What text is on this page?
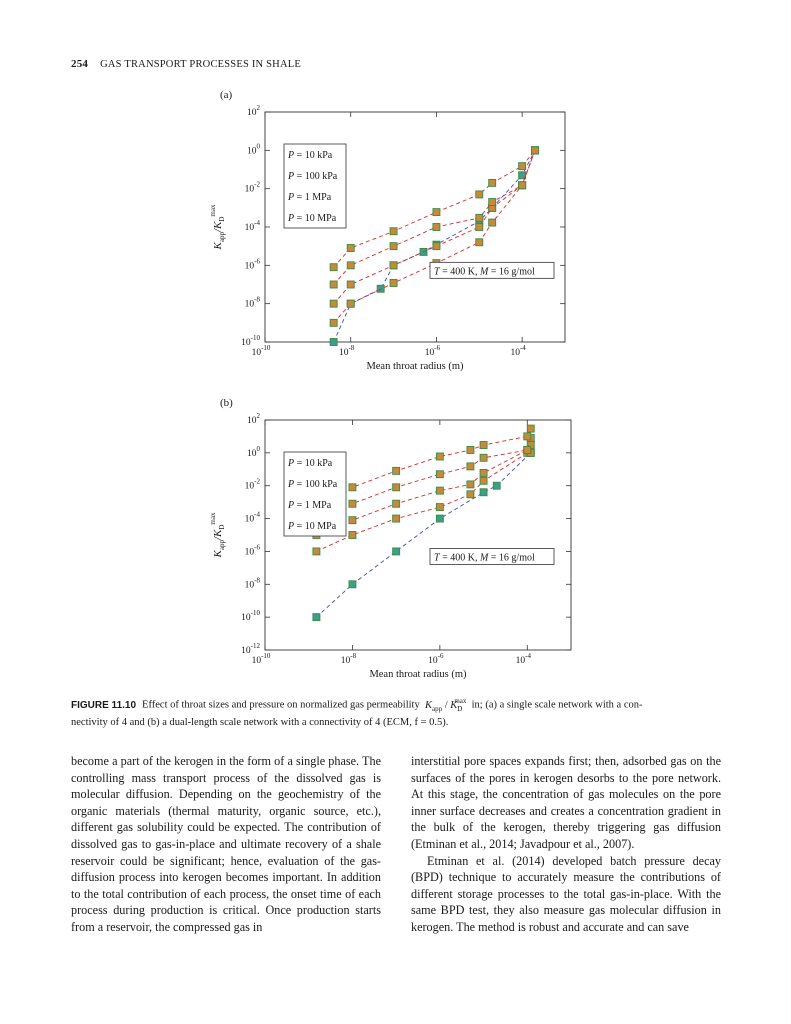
254 GAS TRANSPORT PROCESSES IN SHALE
(a)
$10^{-10}$
$10^{-8}$
$10^{-6}$
$10^{-4}$
$10^{-2}$
$10^0$
$10^2$
$10^{-10}$	$10^{-8}$	$10^{-6}$	$10^{-4}$
Mean throat radius (m)
$K_{app}/K_D^{max}$
P = 10 kPa
P = 100 kPa
P = 1 MPa
P = 10 MPa
T = 400 K, M = 16 g/mol
(b)
$10^{-12}$
$10^{-10}$
$10^{-8}$
$10^{-6}$
$10^{-4}$
$10^{-2}$
$10^0$
$10^2$
$10^{-10}$	$10^{-8}$	$10^{-6}$	$10^{-4}$
Mean throat radius (m)
$K_{app}/K_D^{max}$
P = 10 kPa
P = 100 kPa
P = 1 MPa
P = 10 MPa
T = 400 K, M = 16 g/mol
FIGURE 11.10 Effect of throat sizes and pressure on normalized gas permeability $K_{app} / K_D^{max}$ in; (a) a single scale network with a con-
nectivity of 4 and (b) a dual-length scale network with a connectivity of 4 (ECM, f = 0.5).

become a part of the kerogen in the form of a single phase. The controlling mass transport process of the dissolved gas is molecular diffusion. Depending on the geochemistry of the organic materials (thermal maturity, organic source, etc.), different gas solubility could be expected. The contribution of dissolved gas to gas-in-place and ultimate recovery of a shale reservoir could be significant; hence, evaluation of the gas-diffusion process into kerogen becomes important. In addition to the total contribution of each process, the onset time of each process during production is critical. Once production starts from a reservoir, the compressed gas in

interstitial pore spaces expands first; then, adsorbed gas on the surfaces of the pores in kerogen desorbs to the pore network. At this stage, the concentration of gas molecules on the pore inner surface decreases and creates a concentration gradient in the bulk of the kerogen, thereby triggering gas diffusion (Etminan et al., 2014; Javadpour et al., 2007).

Etminan et al. (2014) developed batch pressure decay (BPD) technique to accurately measure the contributions of different storage processes to the total gas-in-place. With the same BPD test, they also measure gas molecular diffusion in kerogen. The method is robust and accurate and can save
